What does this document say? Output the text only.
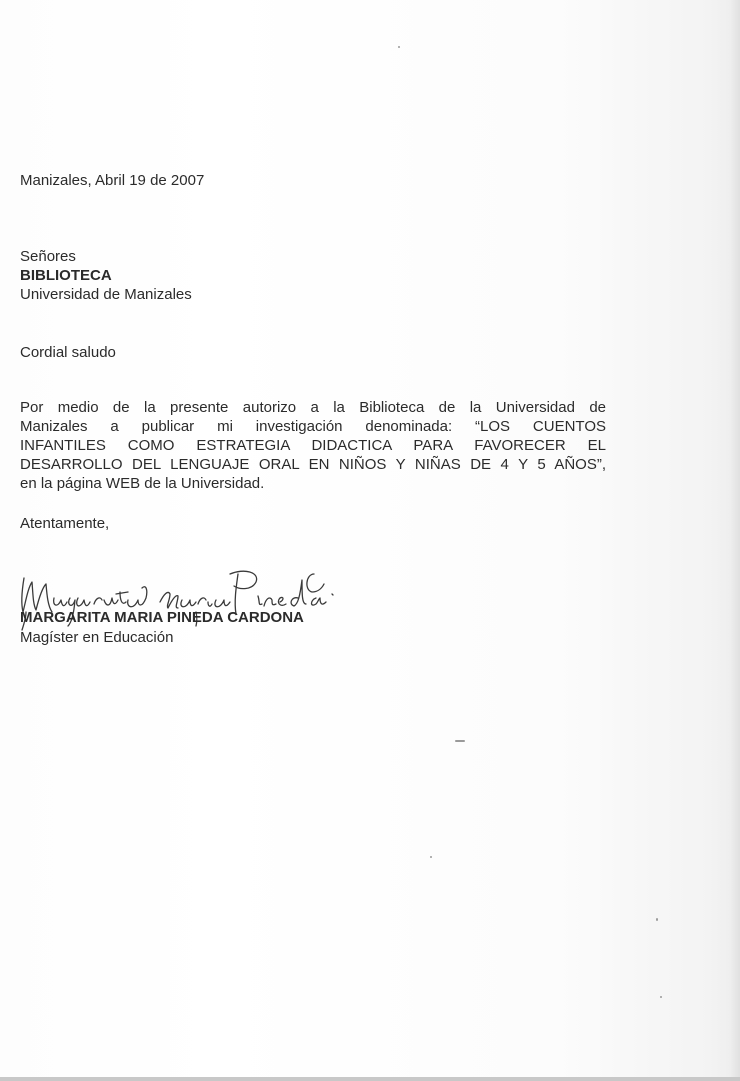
Manizales, Abril 19 de 2007
Señores
BIBLIOTECA
Universidad de Manizales
Cordial saludo
Por medio de la presente autorizo a la Biblioteca de la Universidad de
Manizales a publicar mi investigación denominada: “LOS CUENTOS
INFANTILES COMO ESTRATEGIA DIDACTICA PARA FAVORECER EL
DESARROLLO DEL LENGUAJE ORAL EN NIÑOS Y NIÑAS DE 4 Y 5 AÑOS”,
en la página WEB de la Universidad.
Atentamente,
MARGARITA MARIA PINEDA CARDONA
Magíster en Educación
